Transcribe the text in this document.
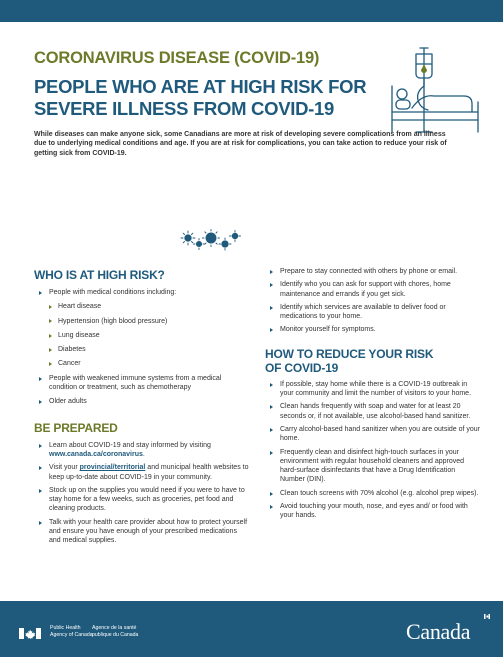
CORONAVIRUS DISEASE (COVID-19)
PEOPLE WHO ARE AT HIGH RISK FOR
SEVERE ILLNESS FROM COVID-19
While diseases can make anyone sick, some Canadians are more at risk of developing severe complications from an illness due to underlying medical conditions and age. If you are at risk for complications, you can take action to reduce your risk of getting sick from COVID-19.
WHO IS AT HIGH RISK?
People with medical conditions including:
Heart disease
Hypertension (high blood pressure)
Lung disease
Diabetes
Cancer
People with weakened immune systems from a medical condition or treatment, such as chemotherapy
Older adults
BE PREPARED
Learn about COVID-19 and stay informed by visiting www.canada.ca/coronavirus.
Visit your provincial/territorial and municipal health websites to keep up-to-date about COVID-19 in your community.
Stock up on the supplies you would need if you were to have to stay home for a few weeks, such as groceries, pet food and cleaning products.
Talk with your health care provider about how to protect yourself and ensure you have enough of your prescribed medications and medical supplies.
Prepare to stay connected with others by phone or email.
Identify who you can ask for support with chores, home maintenance and errands if you get sick.
Identify which services are available to deliver food or medications to your home.
Monitor yourself for symptoms.
HOW TO REDUCE YOUR RISK
OF COVID-19
If possible, stay home while there is a COVID-19 outbreak in your community and limit the number of visitors to your home.
Clean hands frequently with soap and water for at least 20 seconds or, if not available, use alcohol-based hand sanitizer.
Carry alcohol-based hand sanitizer when you are outside of your home.
Frequently clean and disinfect high-touch surfaces in your environment with regular household cleaners and approved hard-surface disinfectants that have a Drug Identification Number (DIN).
Clean touch screens with 70% alcohol (e.g. alcohol prep wipes).
Avoid touching your mouth, nose, and eyes and/ or food with your hands.
Public Health
Agency of Canada
Agence de la santé
publique du Canada	Canada
